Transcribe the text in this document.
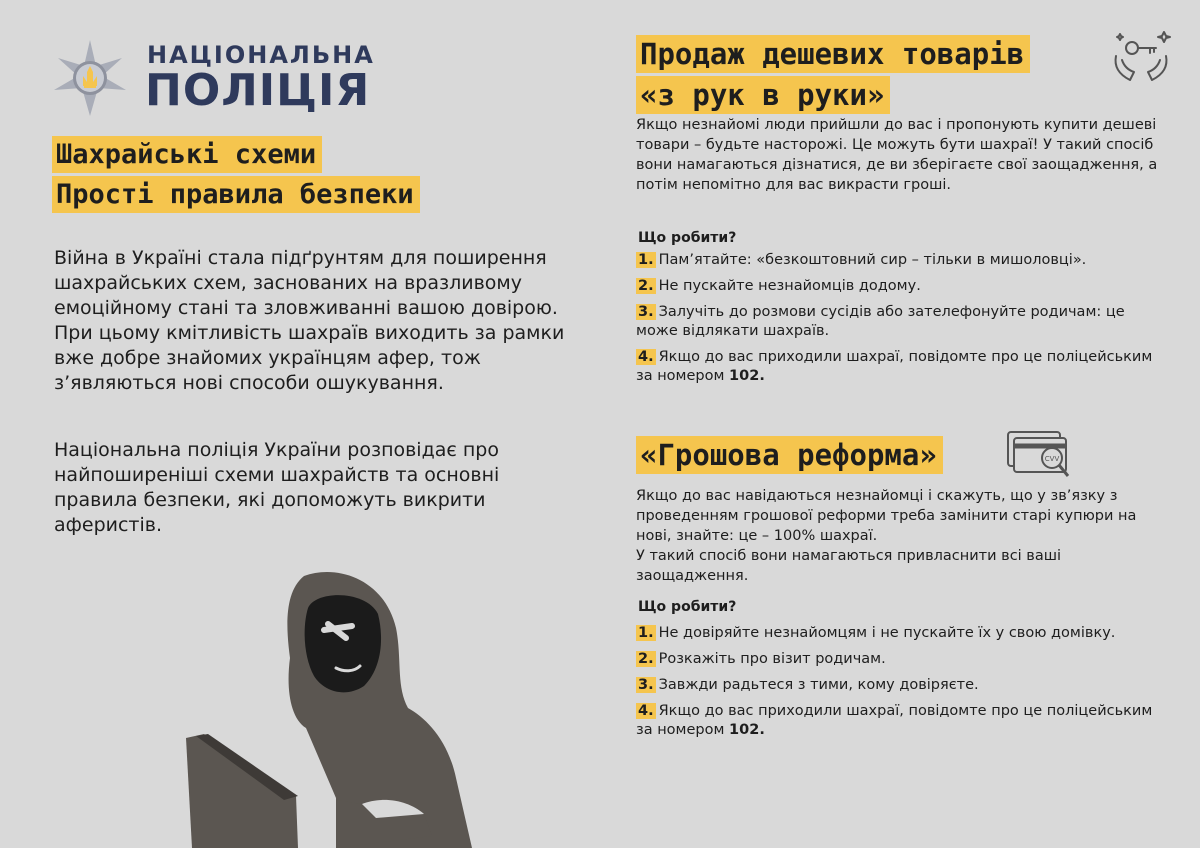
НАЦІОНАЛЬНА
ПОЛІЦІЯ
Шахрайські схеми
Прості правила безпеки
Війна в Україні стала підґрунтям для поширення шахрайських схем, заснованих на вразливому емоційному стані та зловживанні вашою довірою. При цьому кмітливість шахраїв виходить за рамки вже добре знайомих українцям афер, тож з’являються нові способи ошукування.
Національна поліція України розповідає про найпоширеніші схеми шахрайств та основні правила безпеки, які допоможуть викрити аферистів.
Продаж дешевих товарів
«з рук в руки»
Якщо незнайомі люди прийшли до вас і пропонують купити дешеві товари – будьте насторожі. Це можуть бути шахраї! У такий спосіб вони намагаються дізнатися, де ви зберігаєте свої заощадження, а потім непомітно для вас викрасти гроші.
Що робити?
1. Пам’ятайте: «безкоштовний сир – тільки в мишоловці».
2. Не пускайте незнайомців додому.
3. Залучіть до розмови сусідів або зателефонуйте родичам: це може відлякати шахраїв.
4. Якщо до вас приходили шахраї, повідомте про це поліцейським за номером 102.
«Грошова реформа»	CVV
Якщо до вас навідаються незнайомці і скажуть, що у зв’язку з проведенням грошової реформи треба замінити старі купюри на нові, знайте: це – 100% шахраї.
У такий спосіб вони намагаються привласнити всі ваші заощадження.
Що робити?
1. Не довіряйте незнайомцям і не пускайте їх у свою домівку.
2. Розкажіть про візит родичам.
3. Завжди радьтеся з тими, кому довіряєте.
4. Якщо до вас приходили шахраї, повідомте про це поліцейським за номером 102.
